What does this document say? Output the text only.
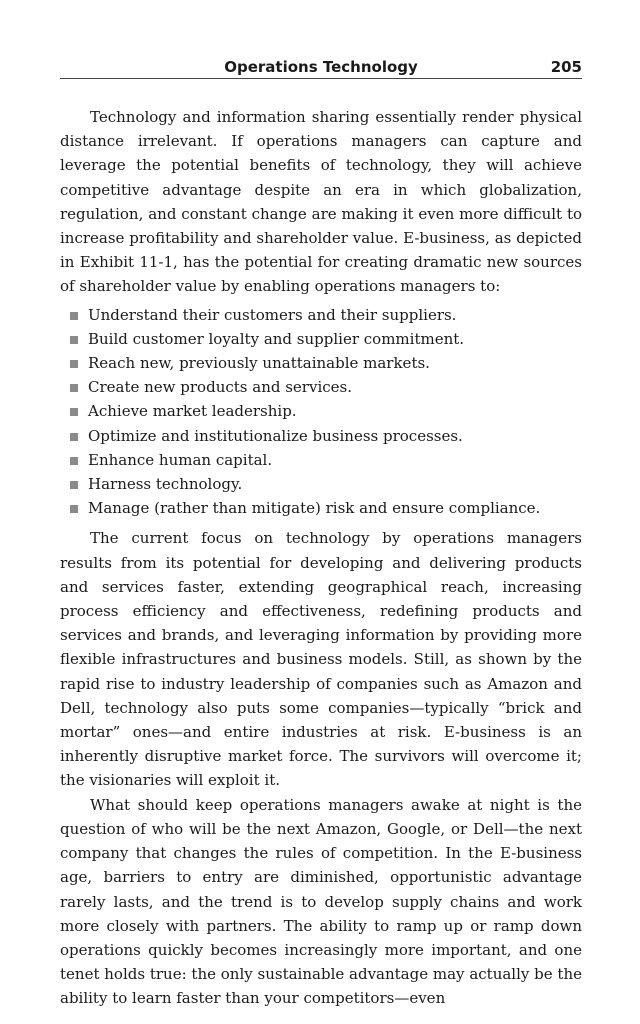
Operations Technology	205

Technology and information sharing essentially render physical distance irrelevant. If operations managers can capture and leverage the potential benefits of technology, they will achieve competitive advantage despite an era in which globalization, regulation, and constant change are making it even more difficult to increase profitability and shareholder value. E-business, as depicted in Exhibit 11-1, has the potential for creating dramatic new sources of shareholder value by enabling operations managers to:

Understand their customers and their suppliers.
Build customer loyalty and supplier commitment.
Reach new, previously unattainable markets.
Create new products and services.
Achieve market leadership.
Optimize and institutionalize business processes.
Enhance human capital.
Harness technology.
Manage (rather than mitigate) risk and ensure compliance.

The current focus on technology by operations managers results from its potential for developing and delivering products and services faster, extending geographical reach, increasing process efficiency and effectiveness, redefining products and services and brands, and leveraging information by providing more flexible infrastructures and business models. Still, as shown by the rapid rise to industry leadership of companies such as Amazon and Dell, technology also puts some companies—typically “brick and mortar” ones—and entire industries at risk. E-business is an inherently disruptive market force. The survivors will overcome it; the visionaries will exploit it.

What should keep operations managers awake at night is the question of who will be the next Amazon, Google, or Dell—the next company that changes the rules of competition. In the E-business age, barriers to entry are diminished, opportunistic advantage rarely lasts, and the trend is to develop supply chains and work more closely with partners. The ability to ramp up or ramp down operations quickly becomes increasingly more important, and one tenet holds true: the only sustainable advantage may actually be the ability to learn faster than your competitors—even
